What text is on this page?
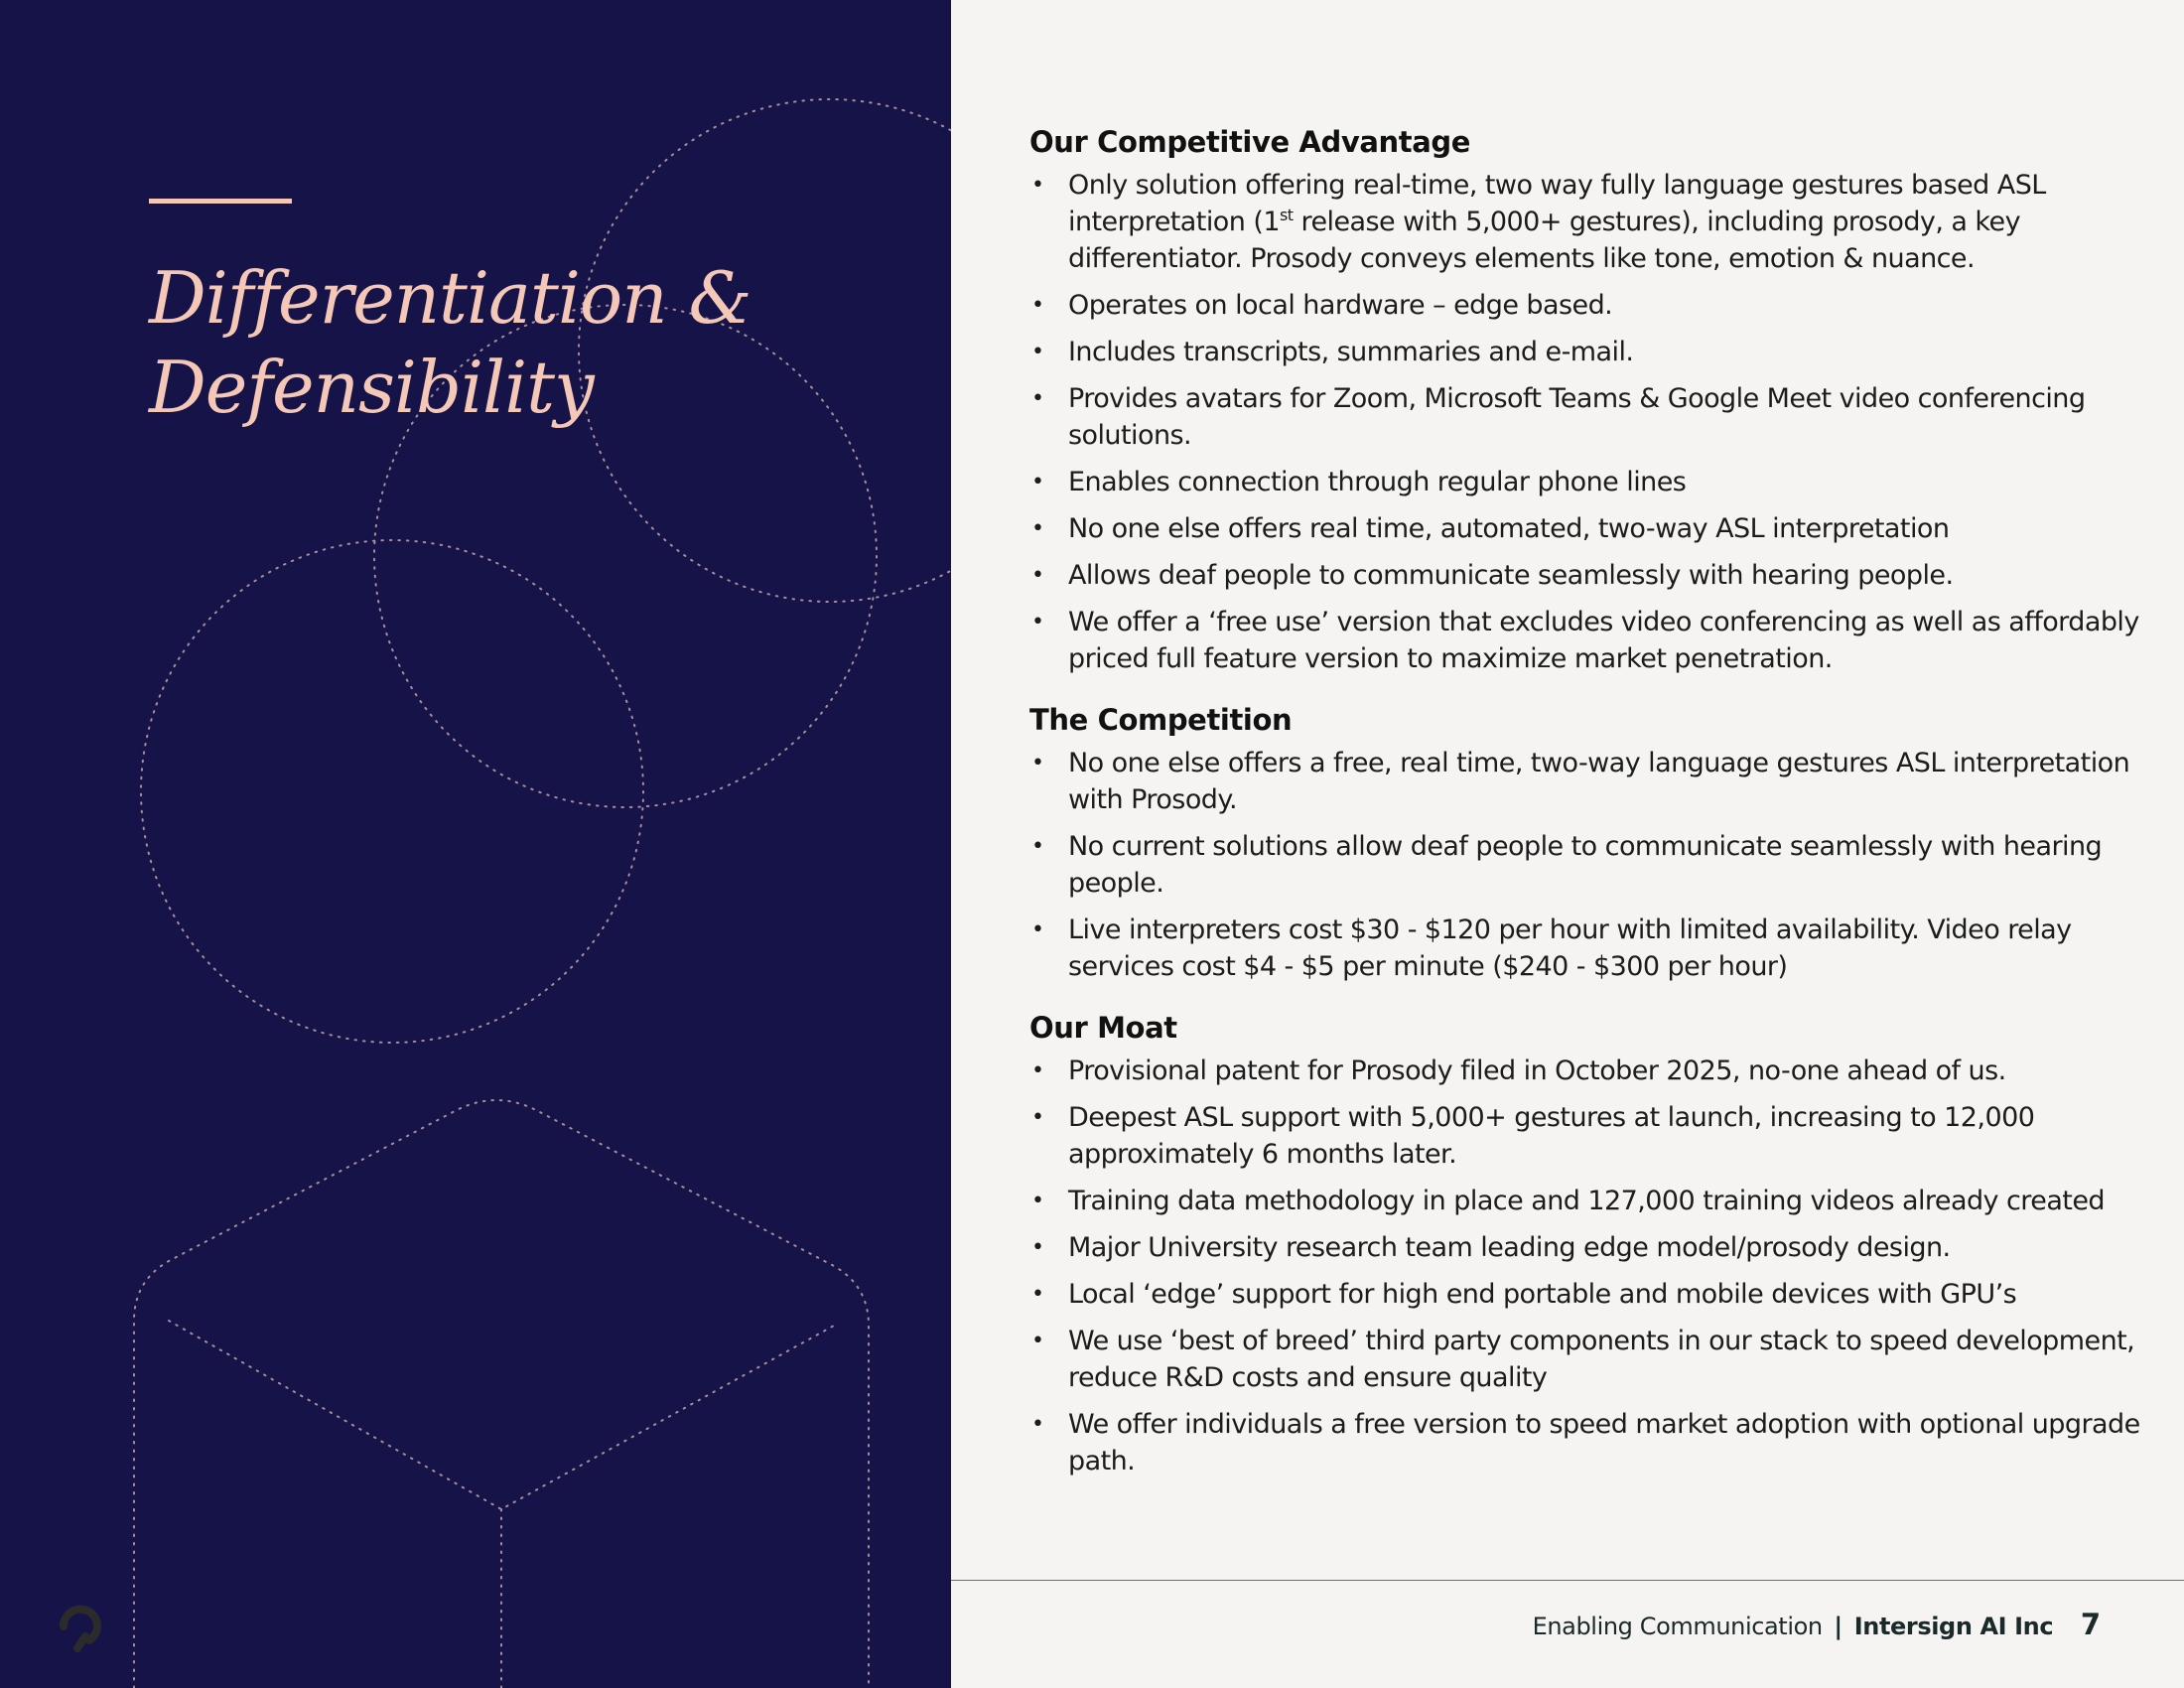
Differentiation &
Defensibility
Our Competitive Advantage
• Only solution offering real-time, two way fully language gestures based ASL interpretation (1st release with 5,000+ gestures), including prosody, a key differentiator. Prosody conveys elements like tone, emotion & nuance.
• Operates on local hardware – edge based.
• Includes transcripts, summaries and e-mail.
• Provides avatars for Zoom, Microsoft Teams & Google Meet video conferencing solutions.
• Enables connection through regular phone lines
• No one else offers real time, automated, two-way ASL interpretation
• Allows deaf people to communicate seamlessly with hearing people.
• We offer a ‘free use’ version that excludes video conferencing as well as affordably priced full feature version to maximize market penetration.
The Competition
• No one else offers a free, real time, two-way language gestures ASL interpretation with Prosody.
• No current solutions allow deaf people to communicate seamlessly with hearing people.
• Live interpreters cost $30 - $120 per hour with limited availability. Video relay services cost $4 - $5 per minute ($240 - $300 per hour)
Our Moat
• Provisional patent for Prosody filed in October 2025, no-one ahead of us.
• Deepest ASL support with 5,000+ gestures at launch, increasing to 12,000 approximately 6 months later.
• Training data methodology in place and 127,000 training videos already created
• Major University research team leading edge model/prosody design.
• Local ‘edge’ support for high end portable and mobile devices with GPU’s
• We use ‘best of breed’ third party components in our stack to speed development, reduce R&D costs and ensure quality
• We offer individuals a free version to speed market adoption with optional upgrade path.
Enabling Communication | Intersign AI Inc 7
